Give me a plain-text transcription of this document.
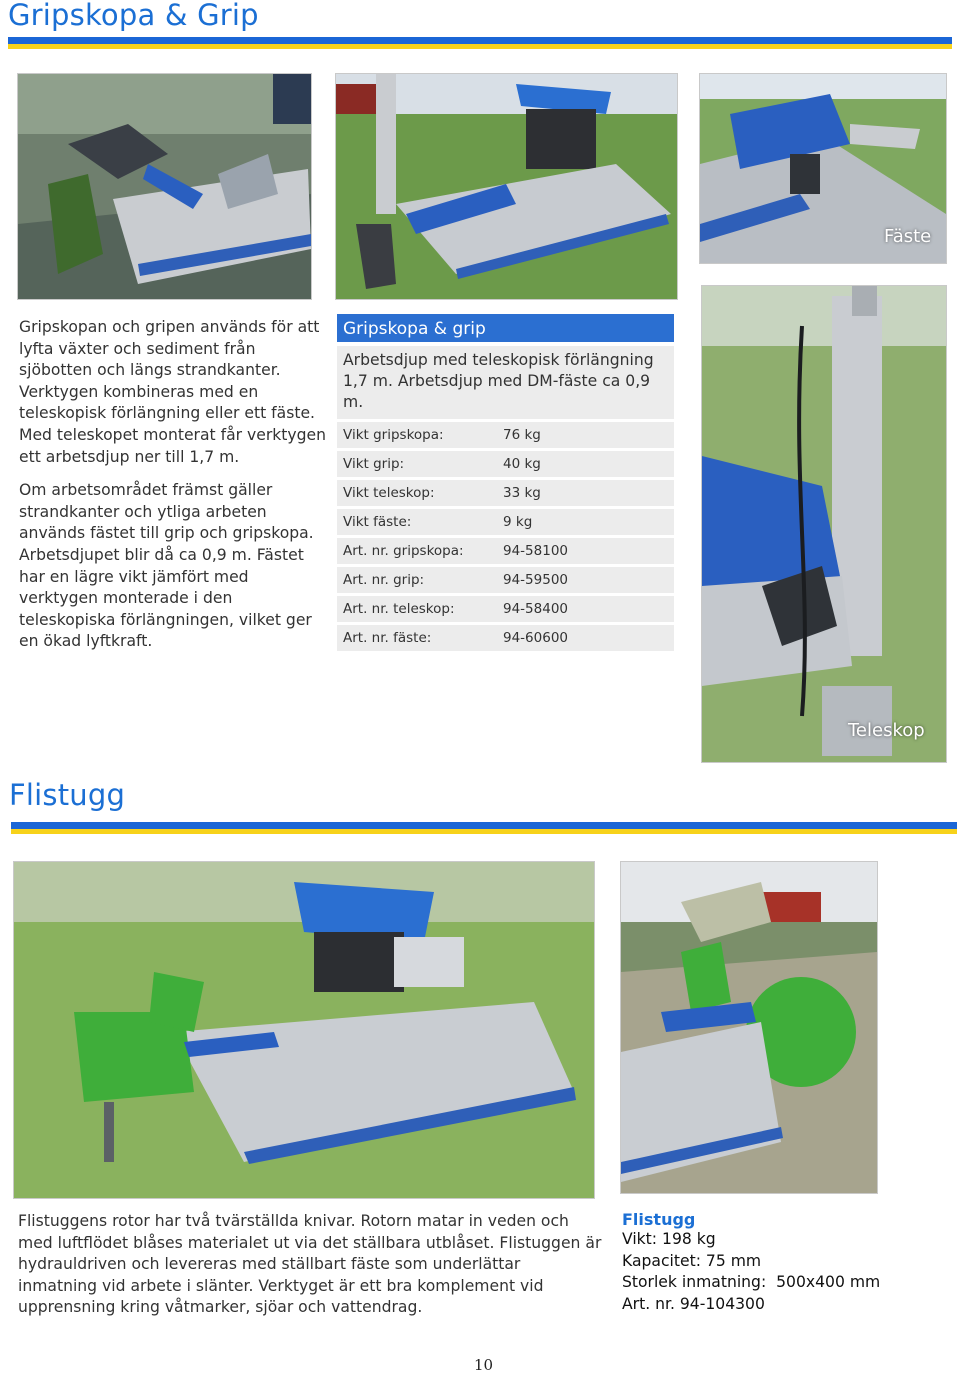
Gripskopa & Grip
Fäste

Gripskopan och gripen används för att lyfta växter och sediment från sjöbotten och längs strandkanter. Verktygen kombineras med en teleskopisk förlängning eller ett fäste. Med teleskopet monterat får verktygen ett arbetsdjup ner till 1,7 m.

Om arbetsområdet främst gäller strandkanter och ytliga arbeten används fästet till grip och gripskopa. Arbetsdjupet blir då ca 0,9 m. Fästet har en lägre vikt jämfört med verktygen monterade i den teleskopiska förlängningen, vilket ger en ökad lyftkraft.

Gripskopa & grip
Arbetsdjup med teleskopisk förlängning 1,7 m. Arbetsdjup med DM-fäste ca 0,9 m.
Vikt gripskopa:	76 kg
Vikt grip:	40 kg
Vikt teleskop:	33 kg
Vikt fäste:	9 kg
Art. nr. gripskopa:	94-58100
Art. nr. grip:	94-59500
Art. nr. teleskop:	94-58400
Art. nr. fäste:	94-60600
Teleskop
Flistugg
Flistuggens rotor har två tvärställda knivar. Rotorn matar in veden och med luftflödet blåses materialet ut via det ställbara utblåset. Flistuggen är hydrauldriven och levereras med ställbart fäste som underlättar inmatning vid arbete i slänter. Verktyget är ett bra komplement vid upprensning kring våtmarker, sjöar och vattendrag.
Flistugg
Vikt: 198 kg
Kapacitet: 75 mm
Storlek inmatning: 500x400 mm
Art. nr. 94-104300
10
